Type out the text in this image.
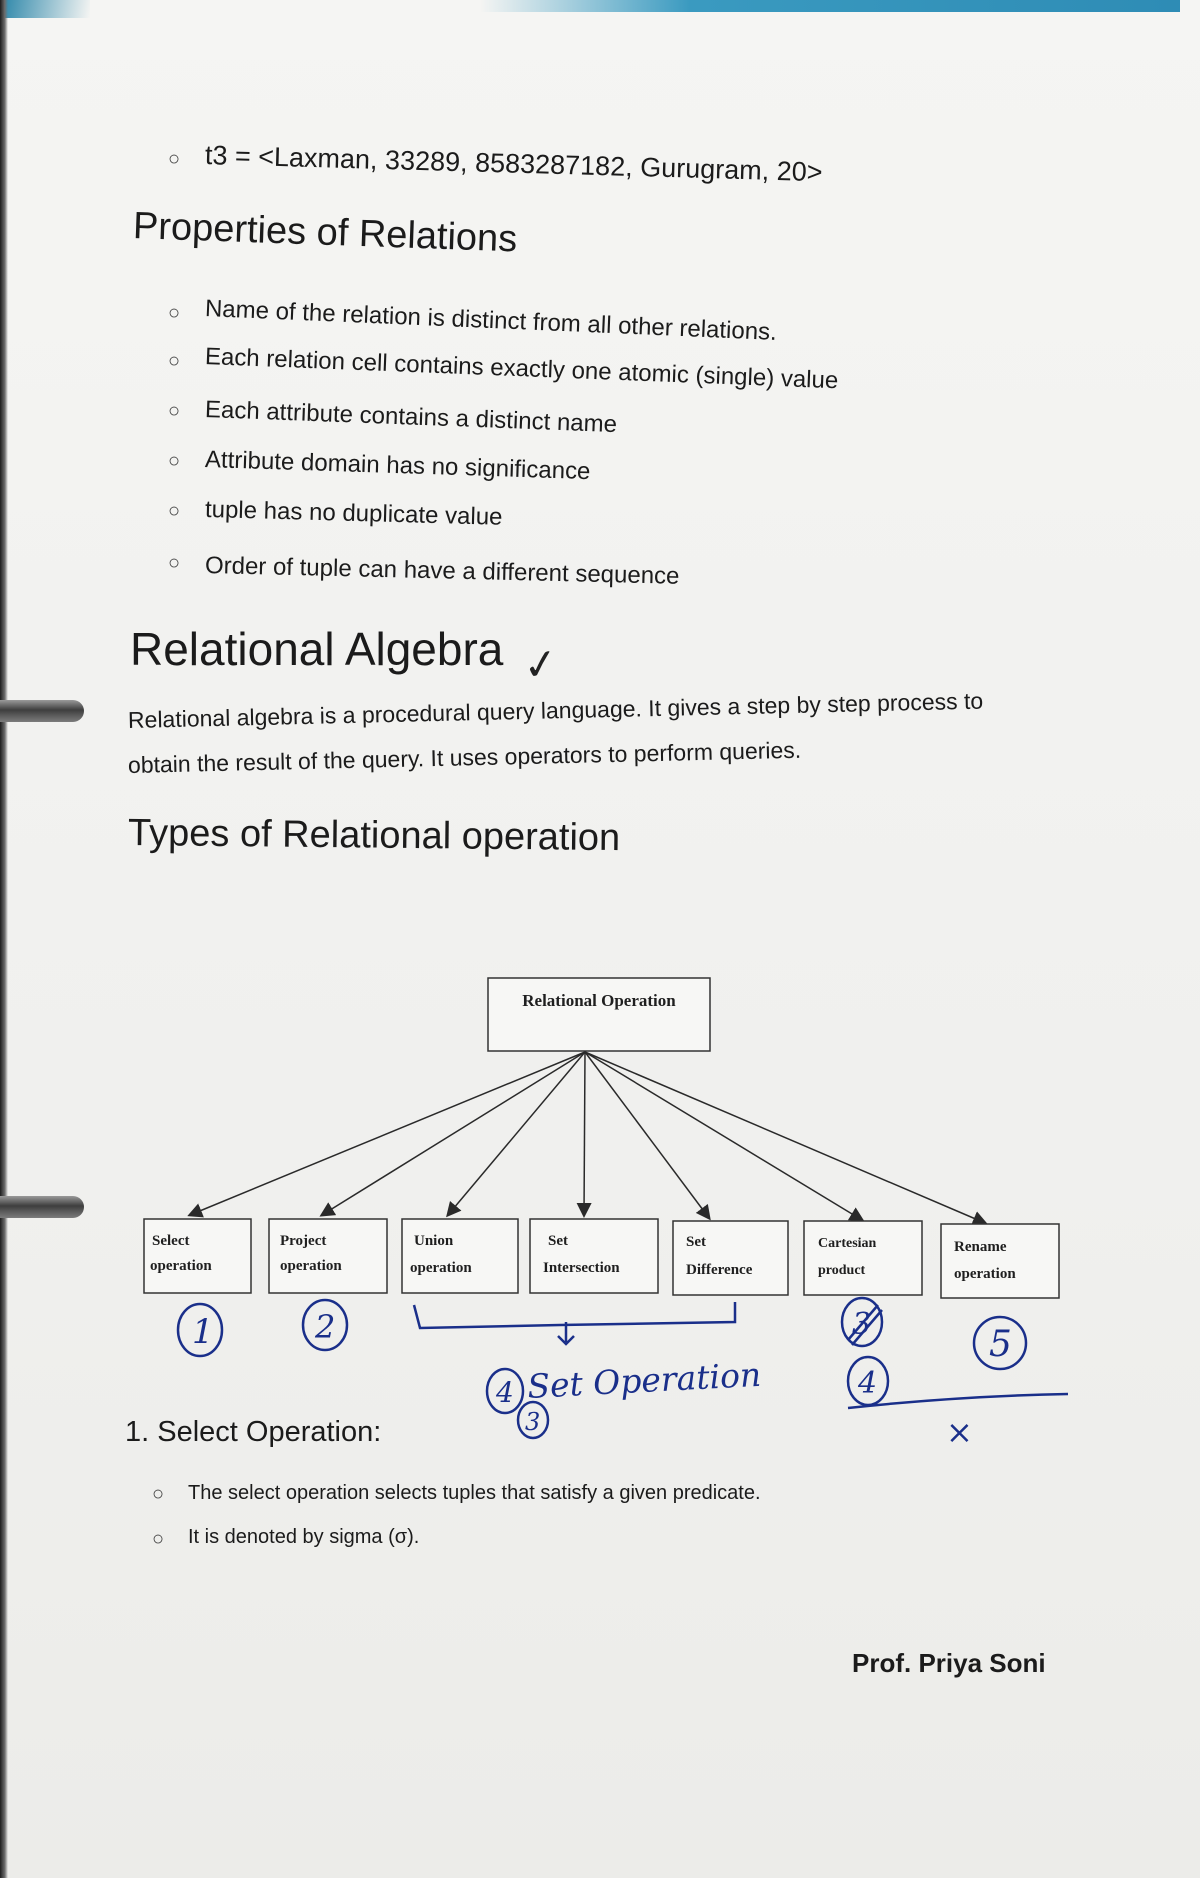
○ t3 = <Laxman, 33289, 8583287182, Gurugram, 20>
Properties of Relations
○ Name of the relation is distinct from all other relations.
○ Each relation cell contains exactly one atomic (single) value
○ Each attribute contains a distinct name
○ Attribute domain has no significance
○ tuple has no duplicate value
○ Order of tuple can have a different sequence
Relational Algebra ✓
Relational algebra is a procedural query language. It gives a step by step process to
obtain the result of the query. It uses operators to perform queries.
Types of Relational operation
Relational Operation
Select
operation
Project
operation
Union
operation
Set
Intersection
Set
Difference
Cartesian
product
Rename
operation
1	2
4
3
Set Operation
3
4
5
×
1. Select Operation:
○ The select operation selects tuples that satisfy a given predicate.
○ It is denoted by sigma (σ).
Prof. Priya Soni
